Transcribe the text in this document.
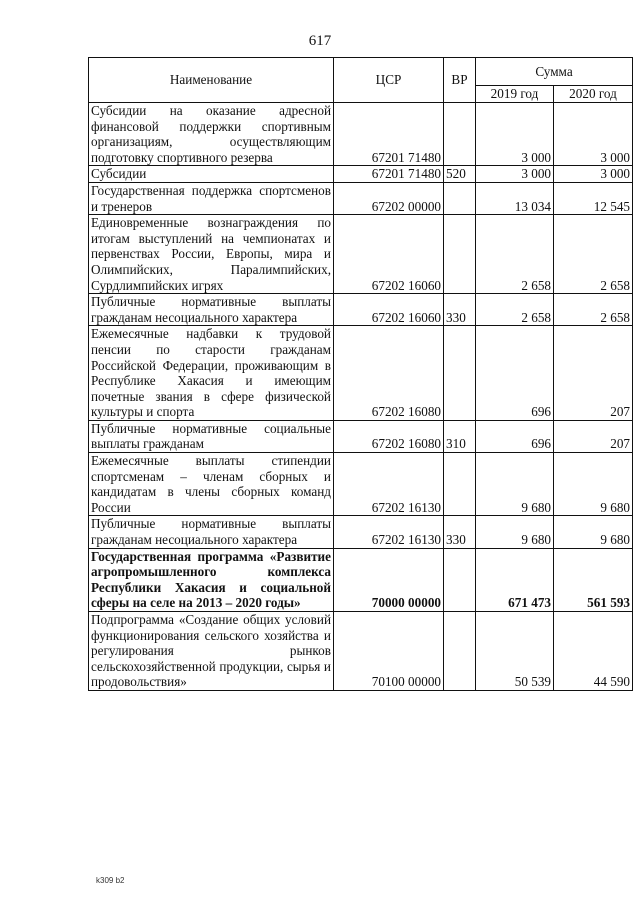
617
Наименование	ЦСР	ВР	Сумма	
			2019 год	2020 год
Субсидии на оказание адресной финансовой поддержки спортивным организациям, осуществляющим подготовку спортивного резерва	67201 71480		3 000	3 000
Субсидии	67201 71480	520	3 000	3 000
Государственная поддержка спортсменов и тренеров	67202 00000		13 034	12 545
Единовременные вознаграждения по итогам выступлений на чемпионатах и первенствах России, Европы, мира и Олимпийских, Паралимпийских, Сурдлимпийских игрях	67202 16060		2 658	2 658
Публичные нормативные выплаты гражданам несоциального характера	67202 16060	330	2 658	2 658
Ежемесячные надбавки к трудовой пенсии по старости гражданам Российской Федерации, проживающим в Республике Хакасия и имеющим почетные звания в сфере физической культуры и спорта	67202 16080		696	207
Публичные нормативные социальные выплаты гражданам	67202 16080	310	696	207
Ежемесячные выплаты стипендии спортсменам – членам сборных и кандидатам в члены сборных команд России	67202 16130		9 680	9 680
Публичные нормативные выплаты гражданам несоциального характера	67202 16130	330	9 680	9 680
Государственная программа «Развитие агропромышленного комплекса Республики Хакасия и социальной сферы на селе на 2013 – 2020 годы»	70000 00000		671 473	561 593
Подпрограмма «Создание общих условий функционирования сельского хозяйства и регулирования рынков сельскохозяйственной продукции, сырья и продовольствия»	70100 00000		50 539	44 590
k309 b2
